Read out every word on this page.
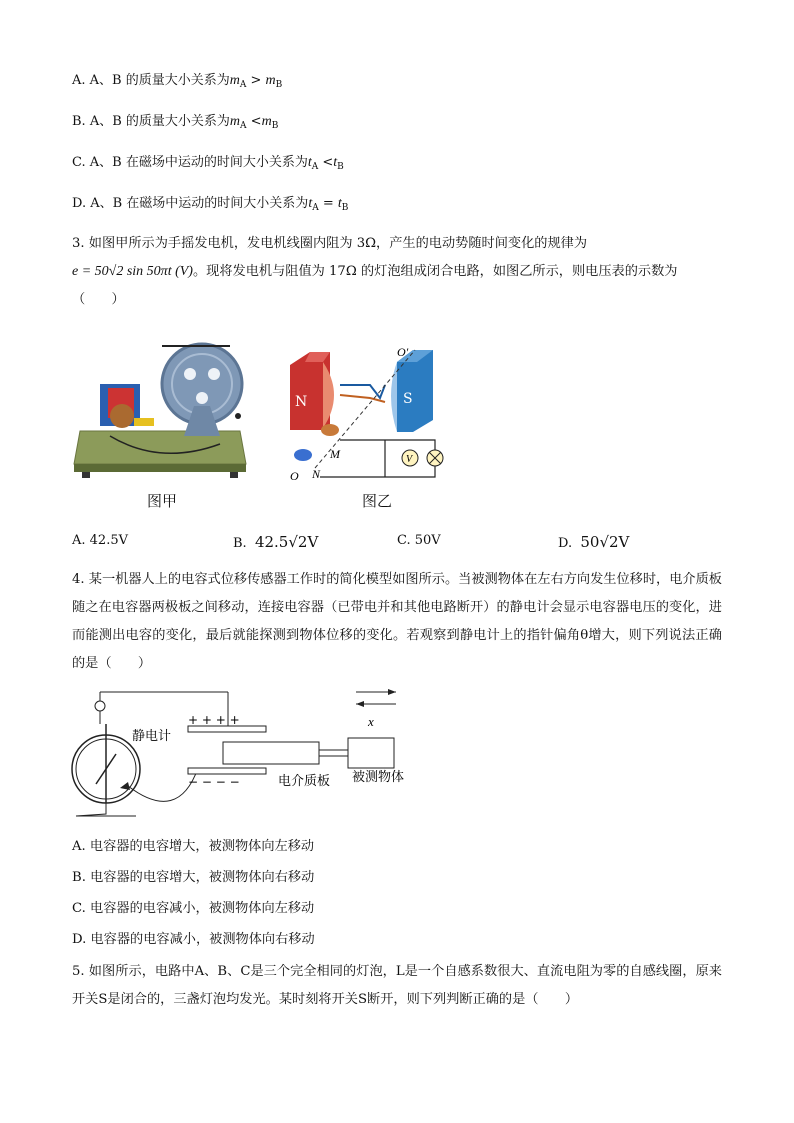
A. A、B 的质量大小关系为$m_A > m_B$
B. A、B 的质量大小关系为$m_A <m_B$
C. A、B 在磁场中运动的时间大小关系为$t_A <t_B$
D. A、B 在磁场中运动的时间大小关系为$t_A = t_B$
3. 如图甲所示为手摇发电机，发电机线圈内阻为 3Ω，产生的电动势随时间变化的规律为
e = 50√2 sin 50πt (V)。现将发电机与阻值为 17Ω 的灯泡组成闭合电路，如图乙所示，则电压表的示数为
（　　）
图甲
N	S
O′
M
N
O
V
图乙
A. 42.5V	B. 42.5√2V	C. 50V	D. 50√2V
4. 某一机器人上的电容式位移传感器工作时的简化模型如图所示。当被测物体在左右方向发生位移时，电介质板随之在电容器两极板之间移动，连接电容器（已带电并和其他电路断开）的静电计会显示电容器电压的变化，进而能测出电容的变化，最后就能探测到物体位移的变化。若观察到静电计上的指针偏角θ增大，则下列说法正确的是（　　）
+ + + +
− − − −
静电计
电介质板 被测物体
x
A. 电容器的电容增大，被测物体向左移动
B. 电容器的电容增大，被测物体向右移动
C. 电容器的电容减小，被测物体向左移动
D. 电容器的电容减小，被测物体向右移动
5. 如图所示，电路中A、B、C是三个完全相同的灯泡，L是一个自感系数很大、直流电阻为零的自感线圈，原来开关S是闭合的，三盏灯泡均发光。某时刻将开关S断开，则下列判断正确的是（　　）
